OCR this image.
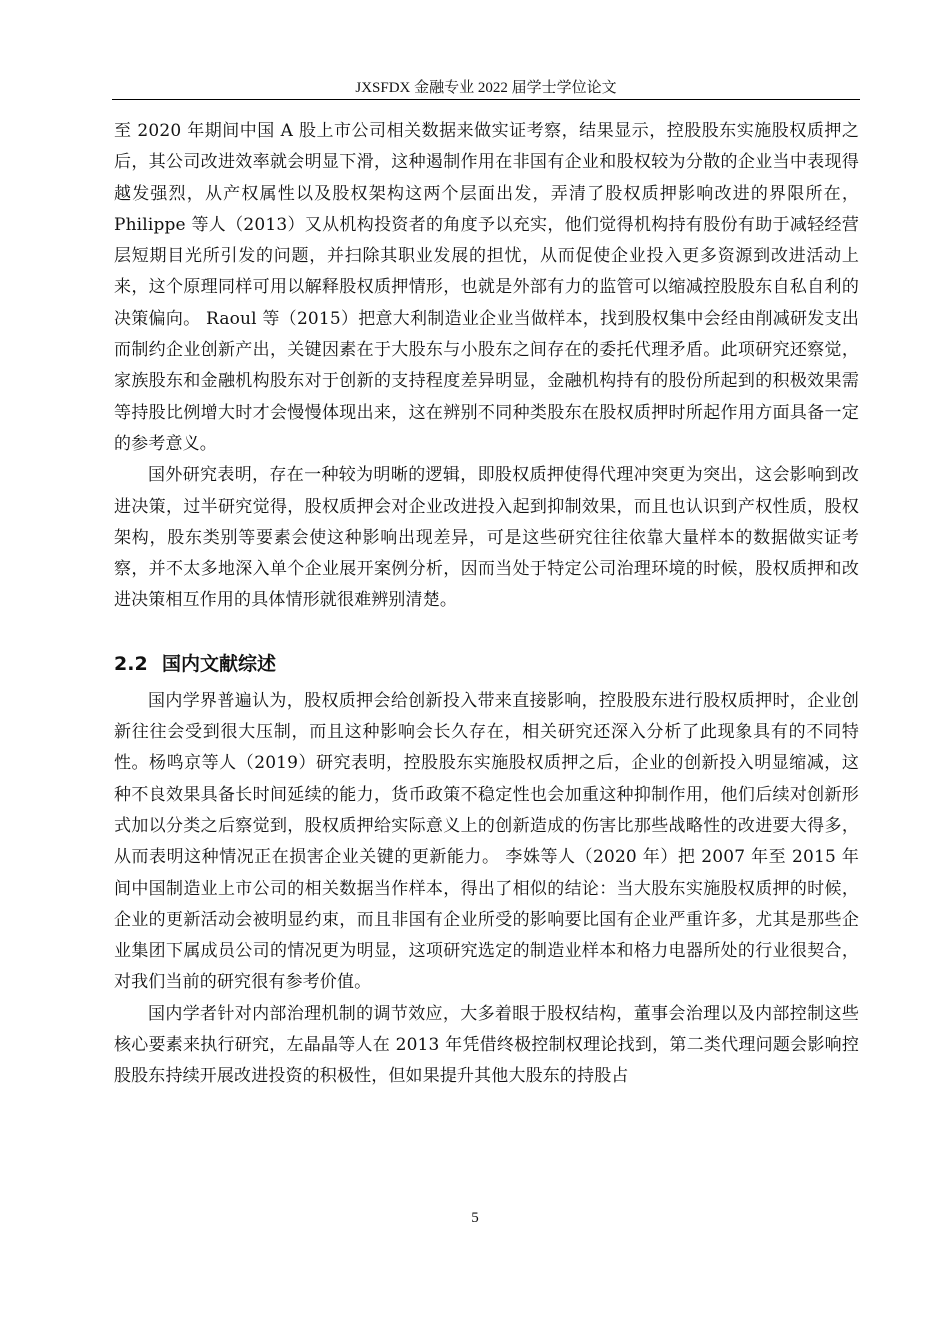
JXSFDX 金融专业 2022 届学士学位论文

至 2020 年期间中国 A 股上市公司相关数据来做实证考察，结果显示，控股股东实施股权质押之后，其公司改进效率就会明显下滑，这种遏制作用在非国有企业和股权较为分散的企业当中表现得越发强烈，从产权属性以及股权架构这两个层面出发，弄清了股权质押影响改进的界限所在，Philippe 等人（2013）又从机构投资者的角度予以充实，他们觉得机构持有股份有助于减轻经营层短期目光所引发的问题，并扫除其职业发展的担忧，从而促使企业投入更多资源到改进活动上来，这个原理同样可用以解释股权质押情形，也就是外部有力的监管可以缩减控股股东自私自利的决策偏向。 Raoul 等（2015）把意大利制造业企业当做样本，找到股权集中会经由削减研发支出而制约企业创新产出，关键因素在于大股东与小股东之间存在的委托代理矛盾。此项研究还察觉，家族股东和金融机构股东对于创新的支持程度差异明显，金融机构持有的股份所起到的积极效果需等持股比例增大时才会慢慢体现出来，这在辨别不同种类股东在股权质押时所起作用方面具备一定的参考意义。

国外研究表明，存在一种较为明晰的逻辑，即股权质押使得代理冲突更为突出，这会影响到改进决策，过半研究觉得，股权质押会对企业改进投入起到抑制效果，而且也认识到产权性质，股权架构，股东类别等要素会使这种影响出现差异，可是这些研究往往依靠大量样本的数据做实证考察，并不太多地深入单个企业展开案例分析，因而当处于特定公司治理环境的时候，股权质押和改进决策相互作用的具体情形就很难辨别清楚。

2.2 国内文献综述

国内学界普遍认为，股权质押会给创新投入带来直接影响，控股股东进行股权质押时，企业创新往往会受到很大压制，而且这种影响会长久存在，相关研究还深入分析了此现象具有的不同特性。杨鸣京等人（2019）研究表明，控股股东实施股权质押之后，企业的创新投入明显缩减，这种不良效果具备长时间延续的能力，货币政策不稳定性也会加重这种抑制作用，他们后续对创新形式加以分类之后察觉到，股权质押给实际意义上的创新造成的伤害比那些战略性的改进要大得多，从而表明这种情况正在损害企业关键的更新能力。 李姝等人（2020 年）把 2007 年至 2015 年间中国制造业上市公司的相关数据当作样本，得出了相似的结论：当大股东实施股权质押的时候，企业的更新活动会被明显约束，而且非国有企业所受的影响要比国有企业严重许多，尤其是那些企业集团下属成员公司的情况更为明显，这项研究选定的制造业样本和格力电器所处的行业很契合，对我们当前的研究很有参考价值。

国内学者针对内部治理机制的调节效应，大多着眼于股权结构，董事会治理以及内部控制这些核心要素来执行研究，左晶晶等人在 2013 年凭借终极控制权理论找到，第二类代理问题会影响控股股东持续开展改进投资的积极性，但如果提升其他大股东的持股占

5
